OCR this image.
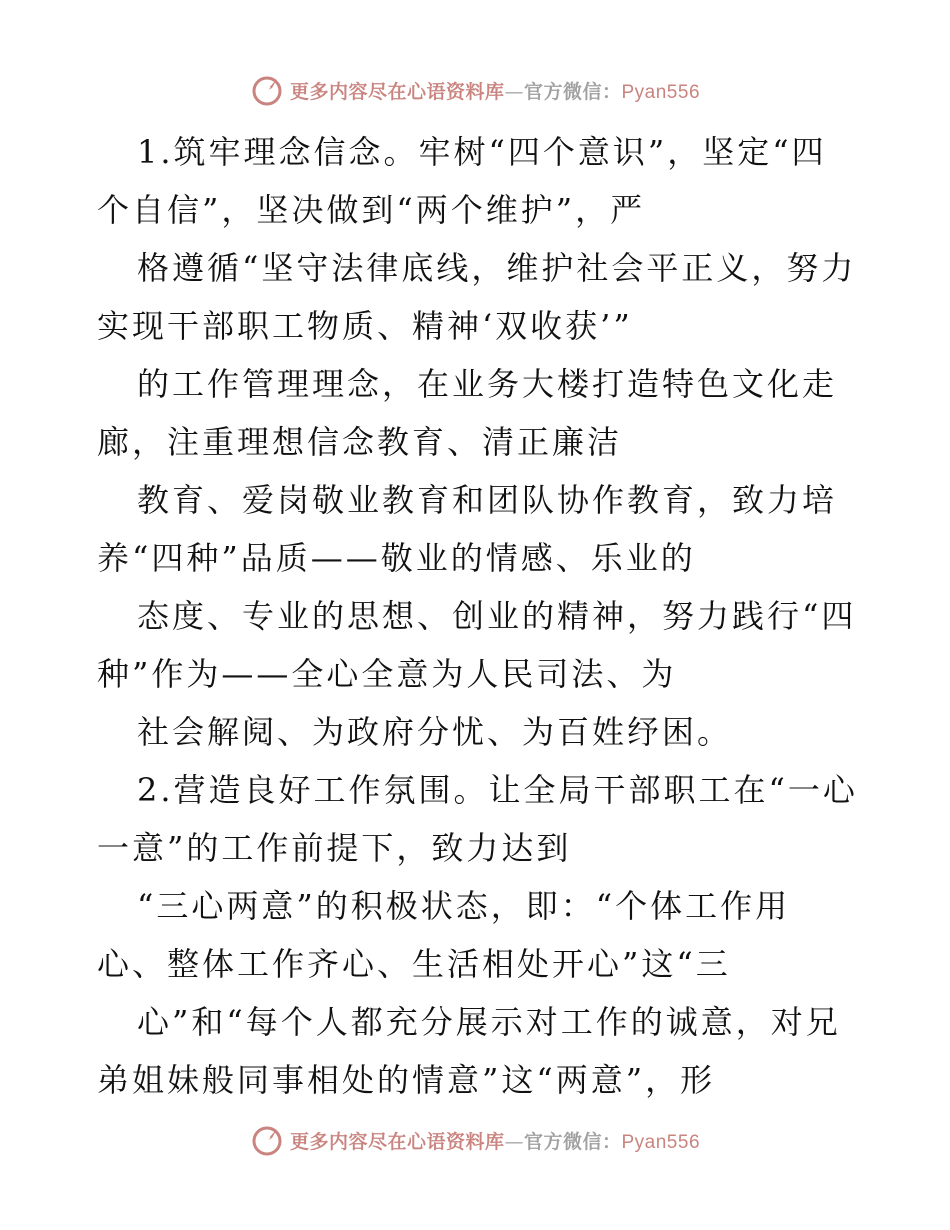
更多内容尽在心语资料库—官方微信：Pyan556
1.筑牢理念信念。牢树“四个意识”，坚定“四
个自信”，坚决做到“两个维护”，严
格遵循“坚守法律底线，维护社会平正义，努力
实现干部职工物质、精神‘双收获’”
的工作管理理念，在业务大楼打造特色文化走
廊，注重理想信念教育、清正廉洁
教育、爱岗敬业教育和团队协作教育，致力培
养“四种”品质——敬业的情感、乐业的
态度、专业的思想、创业的精神，努力践行“四
种”作为——全心全意为人民司法、为
社会解阋、为政府分忧、为百姓纾困。
2.营造良好工作氛围。让全局干部职工在“一心
一意”的工作前提下，致力达到
“三心两意”的积极状态，即：“个体工作用
心、整体工作齐心、生活相处开心”这“三
心”和“每个人都充分展示对工作的诚意，对兄
弟姐妹般同事相处的情意”这“两意”，形
更多内容尽在心语资料库—官方微信：Pyan556
